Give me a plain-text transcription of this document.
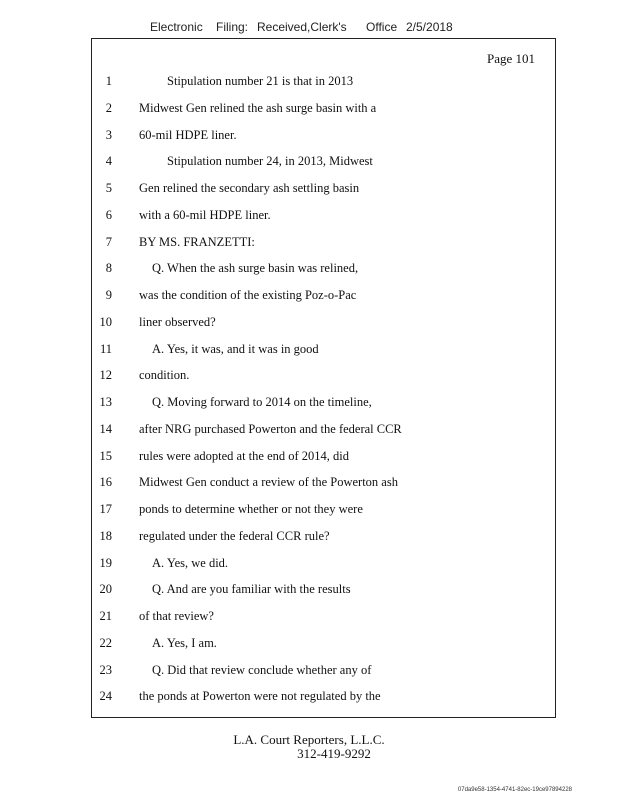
Electronic Filing: Received,Clerk's Office 2/5/2018
Page 101
1	Stipulation number 21 is that in 2013
2 Midwest Gen relined the ash surge basin with a
3 60-mil HDPE liner.
4	Stipulation number 24, in 2013, Midwest
5 Gen relined the secondary ash settling basin
6 with a 60-mil HDPE liner.
7 BY MS. FRANZETTI:
8	Q. When the ash surge basin was relined,
9 was the condition of the existing Poz-o-Pac
10 liner observed?
11	A. Yes, it was, and it was in good
12 condition.
13	Q. Moving forward to 2014 on the timeline,
14 after NRG purchased Powerton and the federal CCR
15 rules were adopted at the end of 2014, did
16 Midwest Gen conduct a review of the Powerton ash
17 ponds to determine whether or not they were
18 regulated under the federal CCR rule?
19	A. Yes, we did.
20	Q. And are you familiar with the results
21 of that review?
22	A. Yes, I am.
23	Q. Did that review conclude whether any of
24 the ponds at Powerton were not regulated by the
L.A. Court Reporters, L.L.C.

312-419-9292
07da9e58-1354-4741-82ec-19ce97894228
